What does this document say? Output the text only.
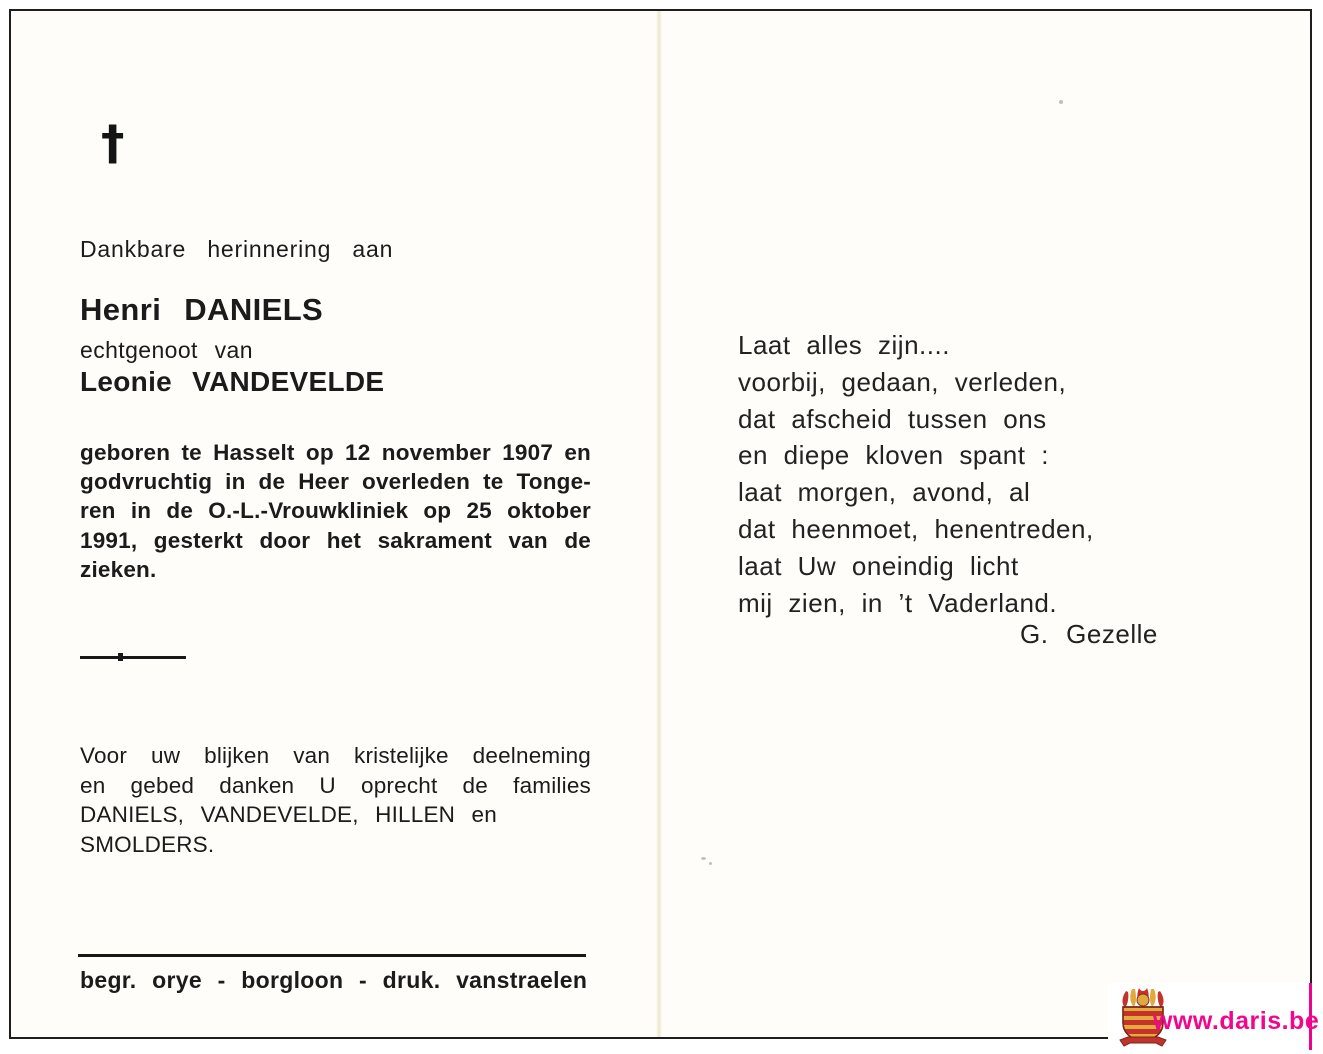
†
Dankbare herinnering aan
Henri DANIELS
echtgenoot van
Leonie VANDEVELDE
geboren te Hasselt op 12 november 1907 en
godvruchtig in de Heer overleden te Tonge-
ren in de O.-L.-Vrouwkliniek op 25 oktober
1991, gesterkt door het sakrament van de
zieken.
Voor uw blijken van kristelijke deelneming
en gebed danken U oprecht de families
DANIELS, VANDEVELDE, HILLEN en
SMOLDERS.
begr. orye - borgloon - druk. vanstraelen
Laat alles zijn....
voorbij, gedaan, verleden,
dat afscheid tussen ons
en diepe kloven spant :
laat morgen, avond, al
dat heenmoet, henentreden,
laat Uw oneindig licht
mij zien, in ’t Vaderland.
G. Gezelle
www.daris.be
